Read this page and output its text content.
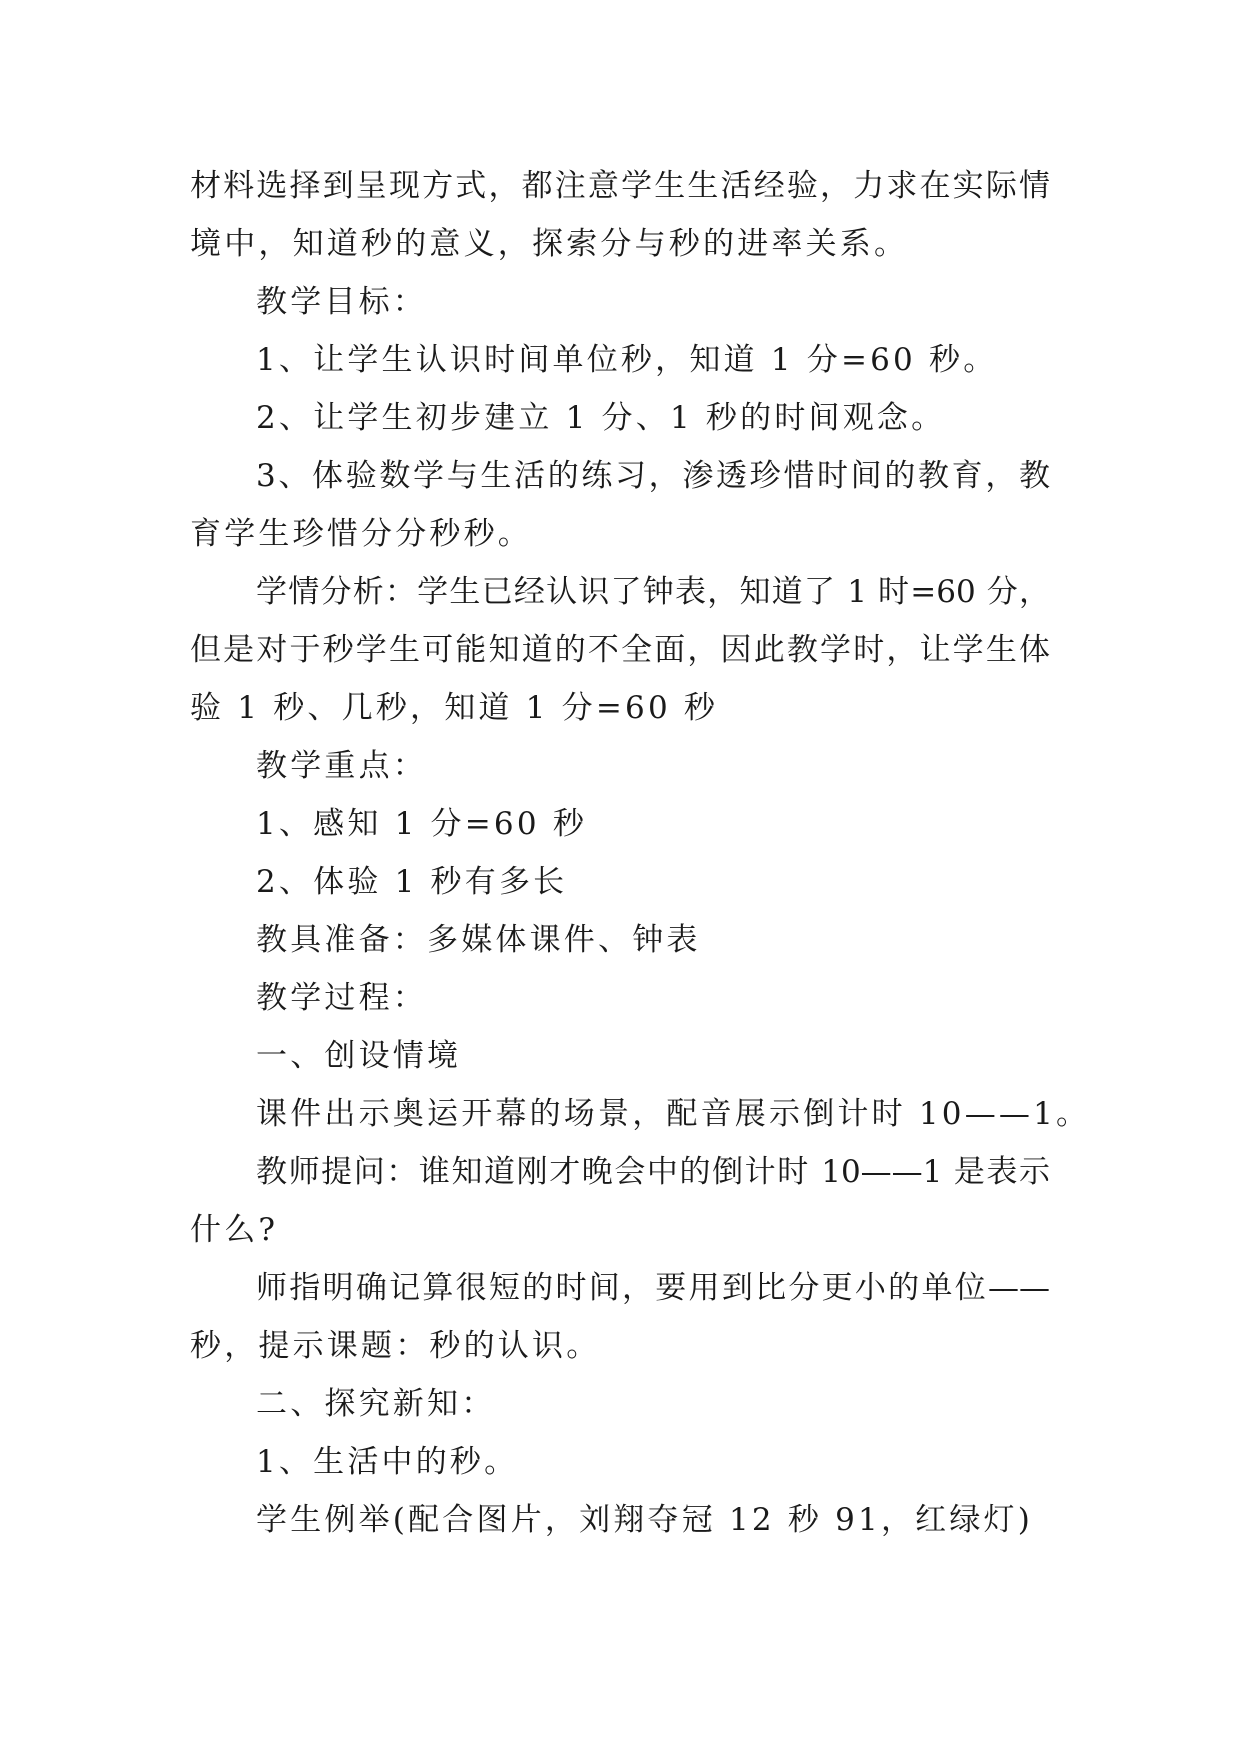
材料选择到呈现方式，都注意学生生活经验，力求在实际情
境中，知道秒的意义，探索分与秒的进率关系。
教学目标：
1、让学生认识时间单位秒，知道 1 分=60 秒。
2、让学生初步建立 1 分、1 秒的时间观念。
3、体验数学与生活的练习，渗透珍惜时间的教育，教
育学生珍惜分分秒秒。
学情分析：学生已经认识了钟表，知道了 1 时=60 分，
但是对于秒学生可能知道的不全面，因此教学时，让学生体
验 1 秒、几秒，知道 1 分=60 秒
教学重点：
1、感知 1 分=60 秒
2、体验 1 秒有多长
教具准备：多媒体课件、钟表
教学过程：
一、创设情境
课件出示奥运开幕的场景，配音展示倒计时 10——1。
教师提问：谁知道刚才晚会中的倒计时 10——1 是表示
什么?
师指明确记算很短的时间，要用到比分更小的单位——
秒，提示课题：秒的认识。
二、探究新知：
1、生活中的秒。
学生例举(配合图片，刘翔夺冠 12 秒 91，红绿灯)
